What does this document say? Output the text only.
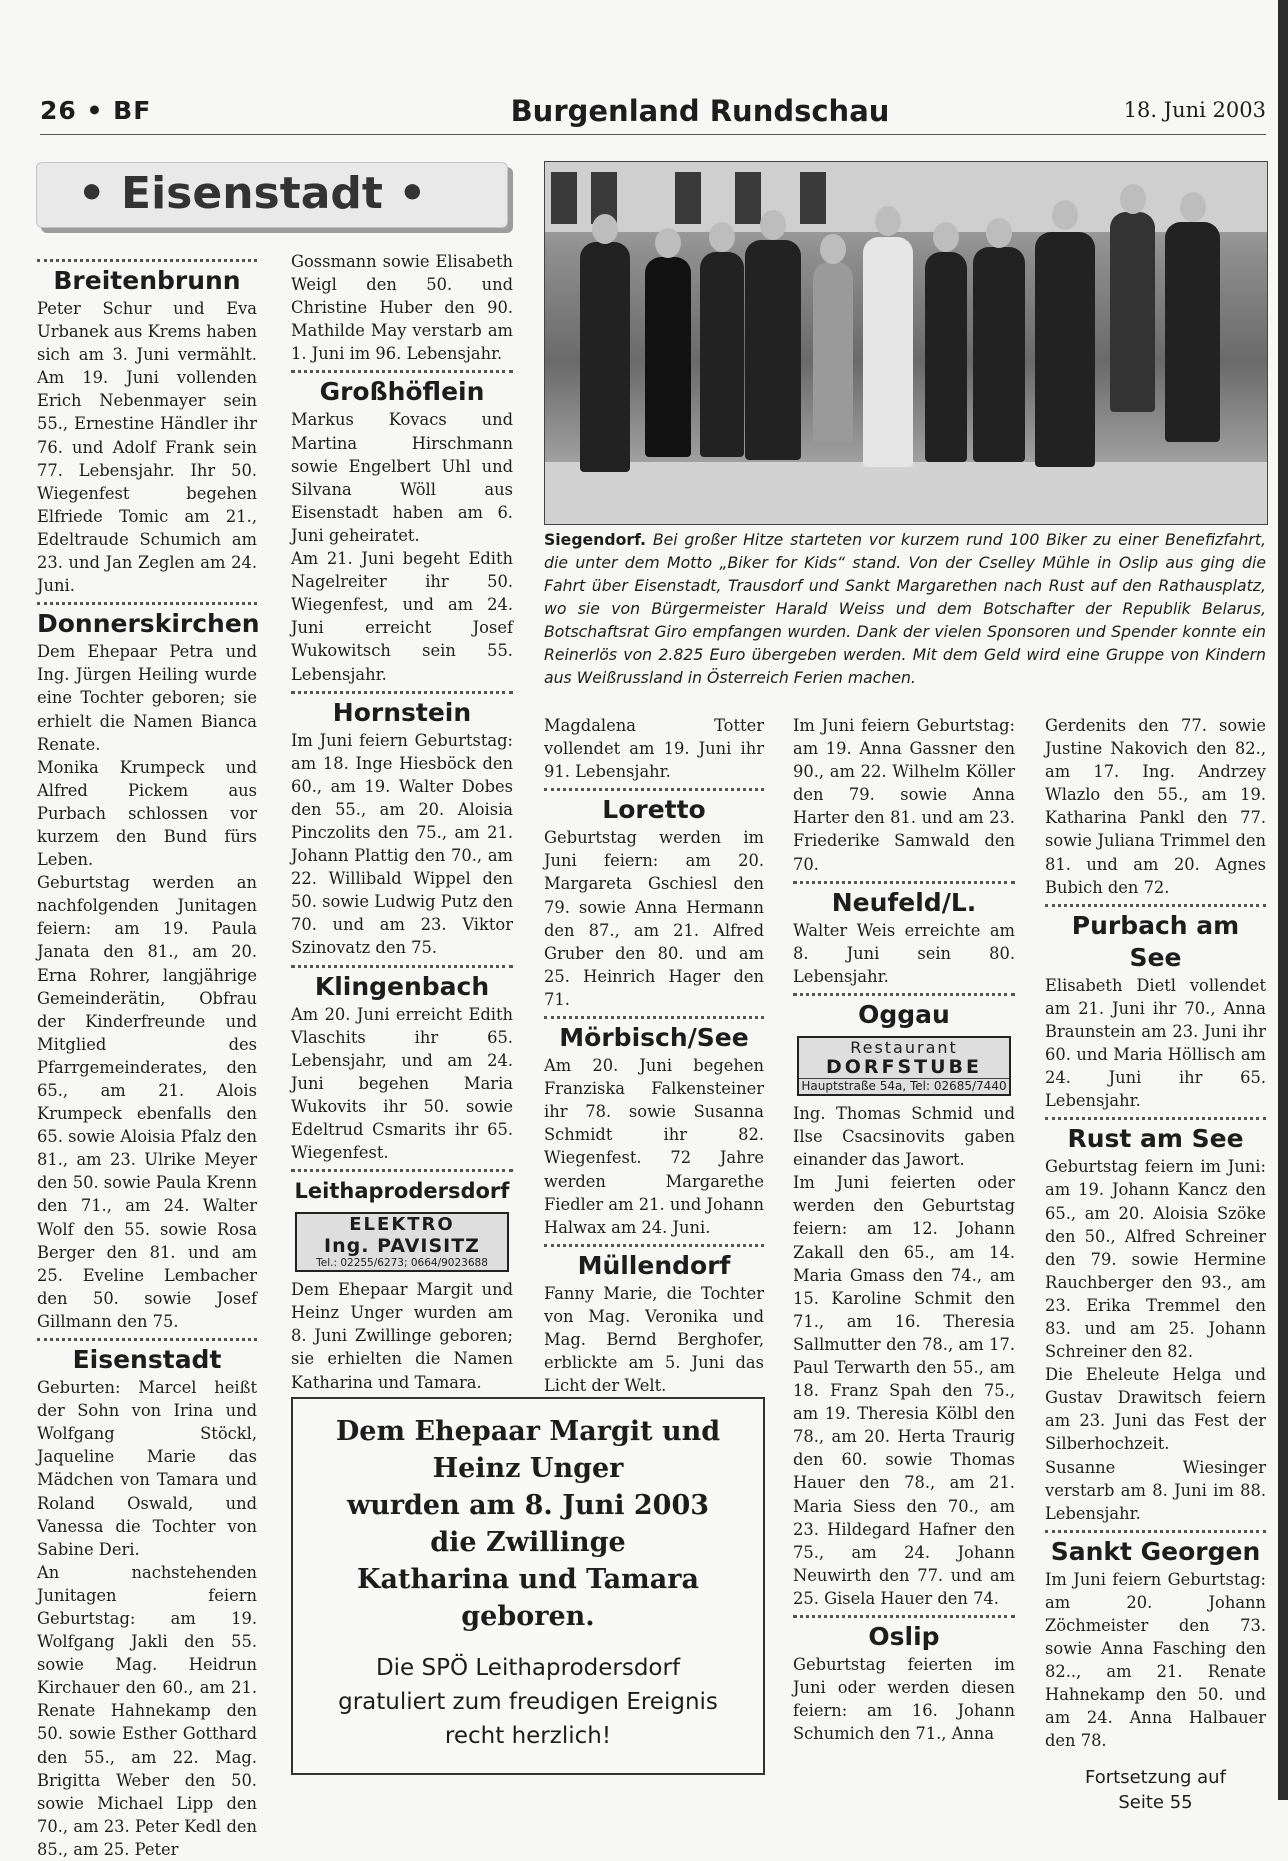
26 • BF	Burgenland Rundschau	18. Juni 2003
• Eisenstadt •
Siegendorf. Bei großer Hitze starteten vor kurzem rund 100 Biker zu einer Benefizfahrt, die unter dem Motto „Biker for Kids“ stand. Von der Cselley Mühle in Oslip aus ging die Fahrt über Eisenstadt, Trausdorf und Sankt Margarethen nach Rust auf den Rathausplatz, wo sie von Bürgermeister Harald Weiss und dem Botschafter der Republik Belarus, Botschaftsrat Giro empfangen wurden. Dank der vielen Sponsoren und Spender konnte ein Reinerlös von 2.825 Euro übergeben werden. Mit dem Geld wird eine Gruppe von Kindern aus Weißrussland in Österreich Ferien machen.

Breitenbrunn

Peter Schur und Eva Urbanek aus Krems haben sich am 3. Juni vermählt. Am 19. Juni vollenden Erich Nebenmayer sein 55., Ernestine Händler ihr 76. und Adolf Frank sein 77. Lebensjahr. Ihr 50. Wiegenfest begehen Elfriede Tomic am 21., Edeltraude Schumich am 23. und Jan Zeglen am 24. Juni.

Donnerskirchen

Dem Ehepaar Petra und Ing. Jürgen Heiling wurde eine Tochter geboren; sie erhielt die Namen Bianca Renate.

Monika Krumpeck und Alfred Pickem aus Purbach schlossen vor kurzem den Bund fürs Leben.

Geburtstag werden an nachfolgenden Junitagen feiern: am 19. Paula Janata den 81., am 20. Erna Rohrer, langjährige Gemeinderätin, Obfrau der Kinderfreunde und Mitglied des Pfarrgemeinderates, den 65., am 21. Alois Krumpeck ebenfalls den 65. sowie Aloisia Pfalz den 81., am 23. Ulrike Meyer den 50. sowie Paula Krenn den 71., am 24. Walter Wolf den 55. sowie Rosa Berger den 81. und am 25. Eveline Lembacher den 50. sowie Josef Gillmann den 75.

Eisenstadt

Geburten: Marcel heißt der Sohn von Irina und Wolfgang Stöckl, Jaqueline Marie das Mädchen von Tamara und Roland Oswald, und Vanessa die Tochter von Sabine Deri.

An nachstehenden Junitagen feiern Geburtstag: am 19. Wolfgang Jakli den 55. sowie Mag. Heidrun Kirchauer den 60., am 21. Renate Hahnekamp den 50. sowie Esther Gotthard den 55., am 22. Mag. Brigitta Weber den 50. sowie Michael Lipp den 70., am 23. Peter Kedl den 85., am 25. Peter

Gossmann sowie Elisabeth Weigl den 50. und Christine Huber den 90. Mathilde May verstarb am 1. Juni im 96. Lebensjahr.

Großhöflein

Markus Kovacs und Martina Hirschmann sowie Engelbert Uhl und Silvana Wöll aus Eisenstadt haben am 6. Juni geheiratet.

Am 21. Juni begeht Edith Nagelreiter ihr 50. Wiegenfest, und am 24. Juni erreicht Josef Wukowitsch sein 55. Lebensjahr.

Hornstein

Im Juni feiern Geburtstag: am 18. Inge Hiesböck den 60., am 19. Walter Dobes den 55., am 20. Aloisia Pinczolits den 75., am 21. Johann Plattig den 70., am 22. Willibald Wippel den 50. sowie Ludwig Putz den 70. und am 23. Viktor Szinovatz den 75.

Klingenbach

Am 20. Juni erreicht Edith Vlaschits ihr 65. Lebensjahr, und am 24. Juni begehen Maria Wukovits ihr 50. sowie Edeltrud Csmarits ihr 65. Wiegenfest.

Leithaprodersdorf

ELEKTRO
Ing. PAVISITZ
Tel.: 02255/6273; 0664/9023688

Dem Ehepaar Margit und Heinz Unger wurden am 8. Juni Zwillinge geboren; sie erhielten die Namen Katharina und Tamara.

Dem Ehepaar Margit und
Heinz Unger
wurden am 8. Juni 2003
die Zwillinge
Katharina und Tamara
geboren.
Die SPÖ Leithaprodersdorf
gratuliert zum freudigen Ereignis
recht herzlich!

Magdalena Totter vollendet am 19. Juni ihr 91. Lebensjahr.

Loretto

Geburtstag werden im Juni feiern: am 20. Margareta Gschiesl den 79. sowie Anna Hermann den 87., am 21. Alfred Gruber den 80. und am 25. Heinrich Hager den 71.

Mörbisch/See

Am 20. Juni begehen Franziska Falkensteiner ihr 78. sowie Susanna Schmidt ihr 82. Wiegenfest. 72 Jahre werden Margarethe Fiedler am 21. und Johann Halwax am 24. Juni.

Müllendorf

Fanny Marie, die Tochter von Mag. Veronika und Mag. Bernd Berghofer, erblickte am 5. Juni das Licht der Welt.

Im Juni feiern Geburtstag: am 19. Anna Gassner den 90., am 22. Wilhelm Köller den 79. sowie Anna Harter den 81. und am 23. Friederike Samwald den 70.

Neufeld/L.

Walter Weis erreichte am 8. Juni sein 80. Lebensjahr.

Oggau

Restaurant
DORFSTUBE
Hauptstraße 54a, Tel: 02685/7440

Ing. Thomas Schmid und Ilse Csacsinovits gaben einander das Jawort.

Im Juni feierten oder werden den Geburtstag feiern: am 12. Johann Zakall den 65., am 14. Maria Gmass den 74., am 15. Karoline Schmit den 71., am 16. Theresia Sallmutter den 78., am 17. Paul Terwarth den 55., am 18. Franz Spah den 75., am 19. Theresia Kölbl den 78., am 20. Herta Traurig den 60. sowie Thomas Hauer den 78., am 21. Maria Siess den 70., am 23. Hildegard Hafner den 75., am 24. Johann Neuwirth den 77. und am 25. Gisela Hauer den 74.

Oslip

Geburtstag feierten im Juni oder werden diesen feiern: am 16. Johann Schumich den 71., Anna

Gerdenits den 77. sowie Justine Nakovich den 82., am 17. Ing. Andrzey Wlazlo den 55., am 19. Katharina Pankl den 77. sowie Juliana Trimmel den 81. und am 20. Agnes Bubich den 72.

Purbach am See

Elisabeth Dietl vollendet am 21. Juni ihr 70., Anna Braunstein am 23. Juni ihr 60. und Maria Höllisch am 24. Juni ihr 65. Lebensjahr.

Rust am See

Geburtstag feiern im Juni: am 19. Johann Kancz den 65., am 20. Aloisia Szöke den 50., Alfred Schreiner den 79. sowie Hermine Rauchberger den 93., am 23. Erika Tremmel den 83. und am 25. Johann Schreiner den 82.

Die Eheleute Helga und Gustav Drawitsch feiern am 23. Juni das Fest der Silberhochzeit.

Susanne Wiesinger verstarb am 8. Juni im 88. Lebensjahr.

Sankt Georgen

Im Juni feiern Geburtstag: am 20. Johann Zöchmeister den 73. sowie Anna Fasching den 82.., am 21. Renate Hahnekamp den 50. und am 24. Anna Halbauer den 78.

Fortsetzung auf
Seite 55
